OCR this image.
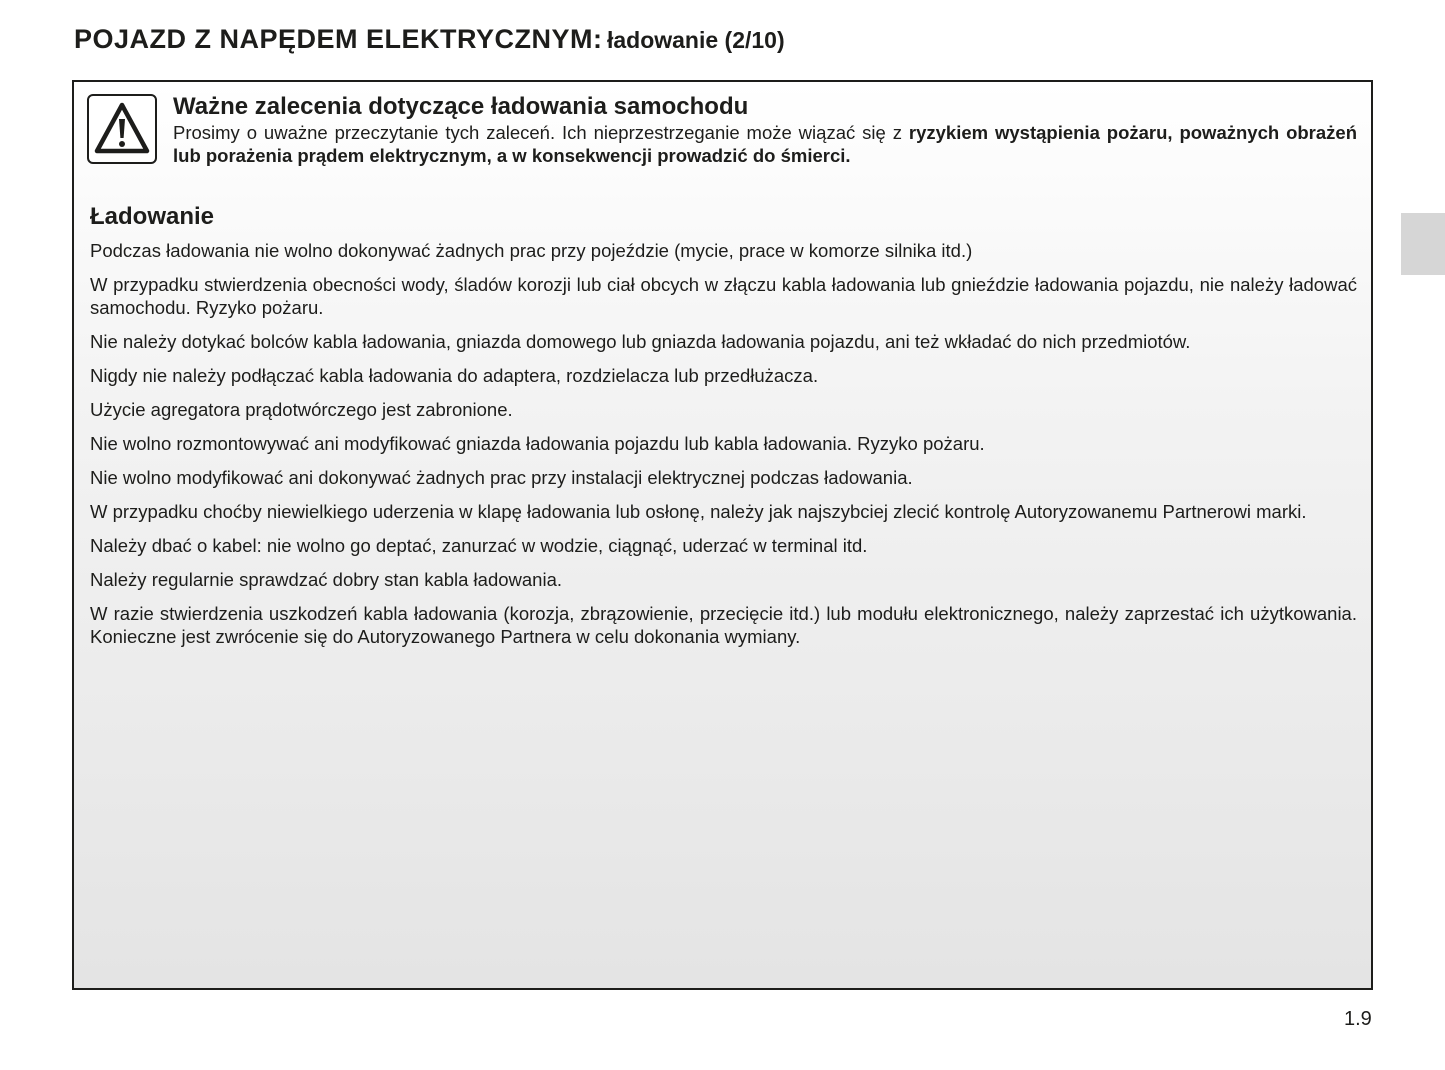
POJAZD Z NAPĘDEM ELEKTRYCZNYM: ładowanie (2/10)
Ważne zalecenia dotyczące ładowania samochodu
Prosimy o uważne przeczytanie tych zaleceń. Ich nieprzestrzeganie może wiązać się z ryzykiem wystąpienia pożaru, poważnych obrażeń lub porażenia prądem elektrycznym, a w konsekwencji prowadzić do śmierci.
Ładowanie

Podczas ładowania nie wolno dokonywać żadnych prac przy pojeździe (mycie, prace w komorze silnika itd.)

W przypadku stwierdzenia obecności wody, śladów korozji lub ciał obcych w złączu kabla ładowania lub gnieździe ładowania pojazdu, nie należy ładować samochodu. Ryzyko pożaru.

Nie należy dotykać bolców kabla ładowania, gniazda domowego lub gniazda ładowania pojazdu, ani też wkładać do nich przedmiotów.

Nigdy nie należy podłączać kabla ładowania do adaptera, rozdzielacza lub przedłużacza.

Użycie agregatora prądotwórczego jest zabronione.

Nie wolno rozmontowywać ani modyfikować gniazda ładowania pojazdu lub kabla ładowania. Ryzyko pożaru.

Nie wolno modyfikować ani dokonywać żadnych prac przy instalacji elektrycznej podczas ładowania.

W przypadku choćby niewielkiego uderzenia w klapę ładowania lub osłonę, należy jak najszybciej zlecić kontrolę Autoryzowanemu Partnerowi marki.

Należy dbać o kabel: nie wolno go deptać, zanurzać w wodzie, ciągnąć, uderzać w terminal itd.

Należy regularnie sprawdzać dobry stan kabla ładowania.

W razie stwierdzenia uszkodzeń kabla ładowania (korozja, zbrązowienie, przecięcie itd.) lub modułu elektronicznego, należy zaprzestać ich użytkowania. Konieczne jest zwrócenie się do Autoryzowanego Partnera w celu dokonania wymiany.

1.9
